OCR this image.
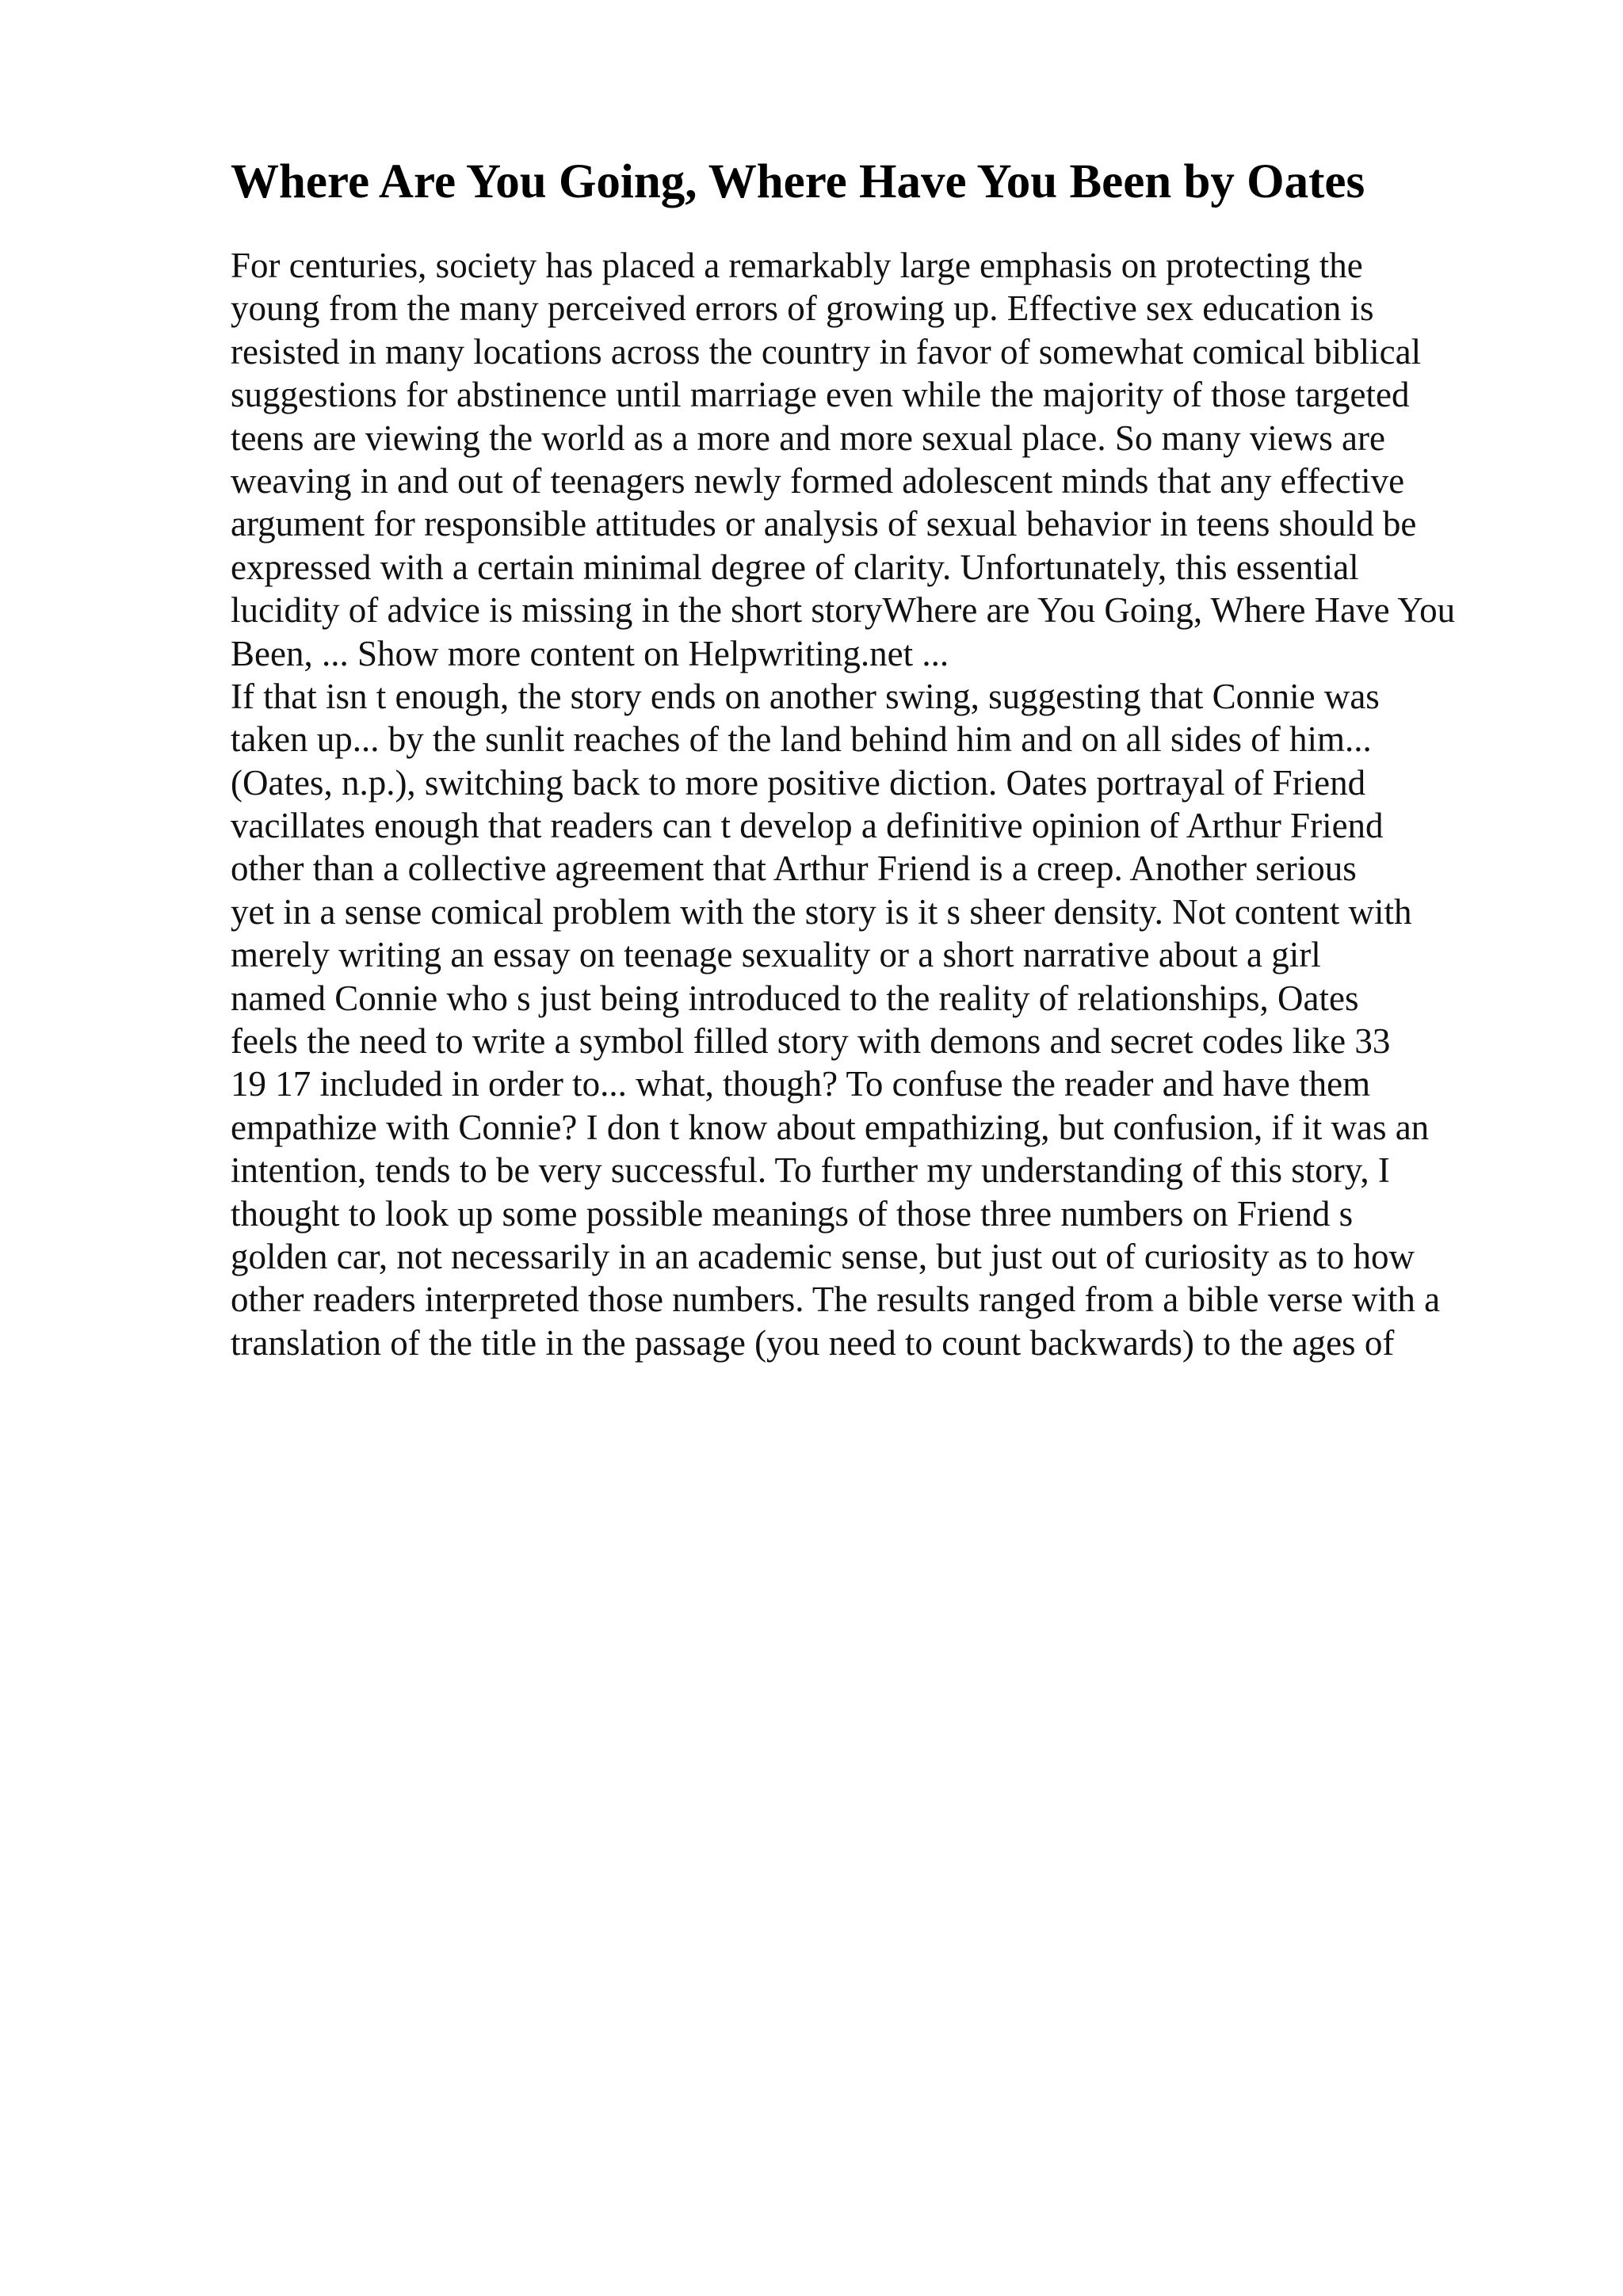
Where Are You Going, Where Have You Been by Oates
For centuries, society has placed a remarkably large emphasis on protecting the
young from the many perceived errors of growing up. Effective sex education is
resisted in many locations across the country in favor of somewhat comical biblical
suggestions for abstinence until marriage even while the majority of those targeted
teens are viewing the world as a more and more sexual place. So many views are
weaving in and out of teenagers newly formed adolescent minds that any effective
argument for responsible attitudes or analysis of sexual behavior in teens should be
expressed with a certain minimal degree of clarity. Unfortunately, this essential
lucidity of advice is missing in the short storyWhere are You Going, Where Have You
Been, ... Show more content on Helpwriting.net ...
If that isn t enough, the story ends on another swing, suggesting that Connie was
taken up... by the sunlit reaches of the land behind him and on all sides of him...
(Oates, n.p.), switching back to more positive diction. Oates portrayal of Friend
vacillates enough that readers can t develop a definitive opinion of Arthur Friend
other than a collective agreement that Arthur Friend is a creep. Another serious
yet in a sense comical problem with the story is it s sheer density. Not content with
merely writing an essay on teenage sexuality or a short narrative about a girl
named Connie who s just being introduced to the reality of relationships, Oates
feels the need to write a symbol filled story with demons and secret codes like 33
19 17 included in order to... what, though? To confuse the reader and have them
empathize with Connie? I don t know about empathizing, but confusion, if it was an
intention, tends to be very successful. To further my understanding of this story, I
thought to look up some possible meanings of those three numbers on Friend s
golden car, not necessarily in an academic sense, but just out of curiosity as to how
other readers interpreted those numbers. The results ranged from a bible verse with a
translation of the title in the passage (you need to count backwards) to the ages of
